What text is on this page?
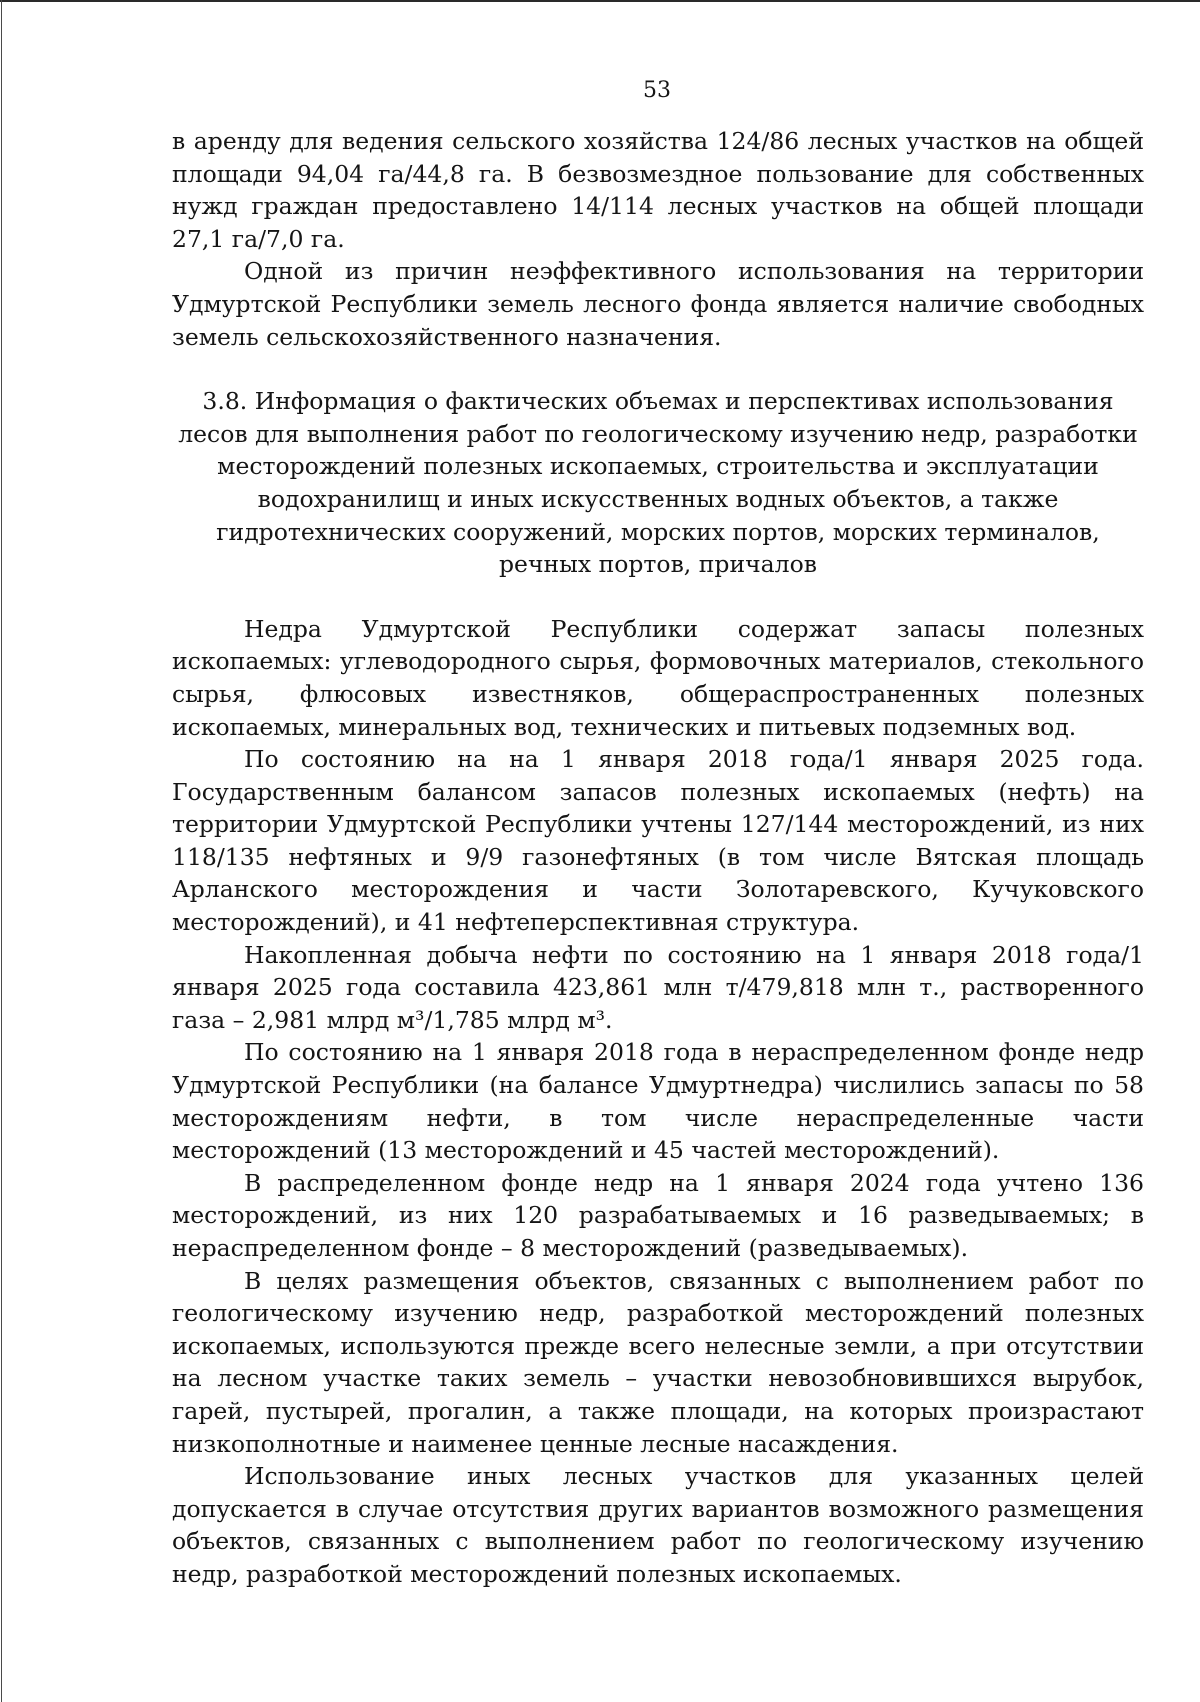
53

в аренду для ведения сельского хозяйства 124/86 лесных участков на общей площади 94,04 га/44,8 га. В безвозмездное пользование для собственных нужд граждан предоставлено 14/114 лесных участков на общей площади 27,1 га/7,0 га.

Одной из причин неэффективного использования на территории Удмуртской Республики земель лесного фонда является наличие свободных земель сельскохозяйственного назначения.

3.8. Информация о фактических объемах и перспективах использования
лесов для выполнения работ по геологическому изучению недр, разработки
месторождений полезных ископаемых, строительства и эксплуатации
водохранилищ и иных искусственных водных объектов, а также
гидротехнических сооружений, морских портов, морских терминалов,
речных портов, причалов

Недра Удмуртской Республики содержат запасы полезных ископаемых: углеводородного сырья, формовочных материалов, стекольного сырья, флюсовых известняков, общераспространенных полезных ископаемых, минеральных вод, технических и питьевых подземных вод.

По состоянию на на 1 января 2018 года/1 января 2025 года. Государственным балансом запасов полезных ископаемых (нефть) на территории Удмуртской Республики учтены 127/144 месторождений, из них 118/135 нефтяных и 9/9 газонефтяных (в том числе Вятская площадь Арланского месторождения и части Золотаревского, Кучуковского месторождений), и 41 нефтеперспективная структура.

Накопленная добыча нефти по состоянию на 1 января 2018 года/1 января 2025 года составила 423,861 млн т/479,818 млн т., растворенного газа – 2,981 млрд м³/1,785 млрд м³.

По состоянию на 1 января 2018 года в нераспределенном фонде недр Удмуртской Республики (на балансе Удмуртнедра) числились запасы по 58 месторождениям нефти, в том числе нераспределенные части месторождений (13 месторождений и 45 частей месторождений).

В распределенном фонде недр на 1 января 2024 года учтено 136 месторождений, из них 120 разрабатываемых и 16 разведываемых; в нераспределенном фонде – 8 месторождений (разведываемых).

В целях размещения объектов, связанных с выполнением работ по геологическому изучению недр, разработкой месторождений полезных ископаемых, используются прежде всего нелесные земли, а при отсутствии на лесном участке таких земель – участки невозобновившихся вырубок, гарей, пустырей, прогалин, а также площади, на которых произрастают низкополнотные и наименее ценные лесные насаждения.

Использование иных лесных участков для указанных целей допускается в случае отсутствия других вариантов возможного размещения объектов, связанных с выполнением работ по геологическому изучению недр, разработкой месторождений полезных ископаемых.
